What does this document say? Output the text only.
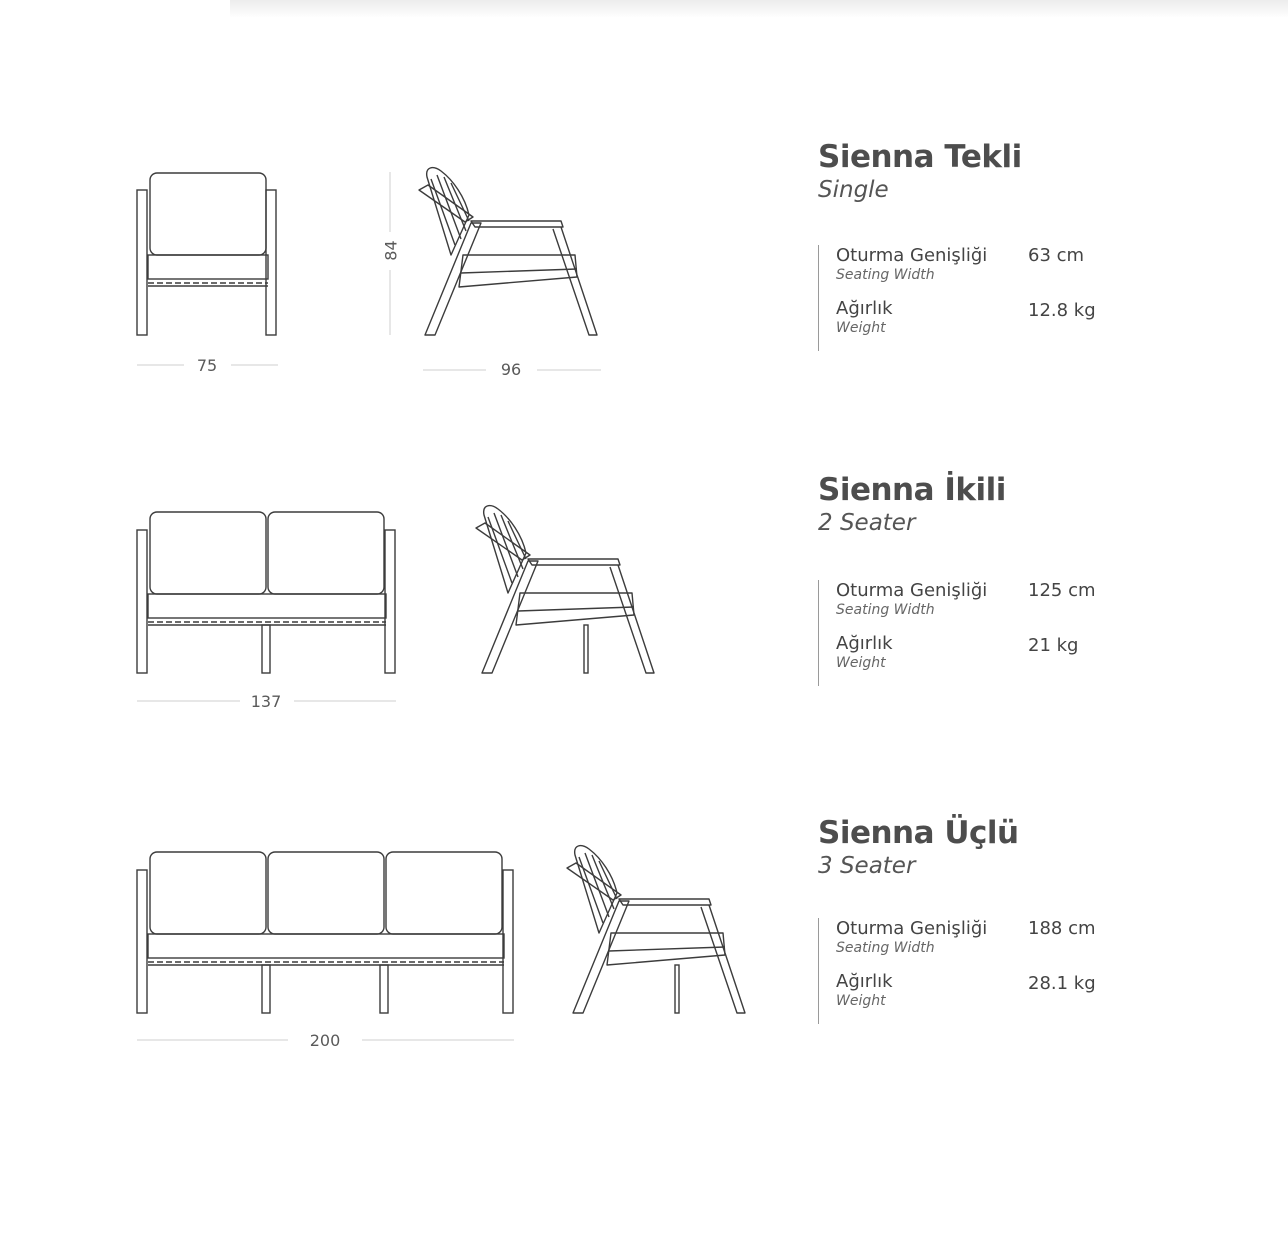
75	96
84
137
200
Sienna Tekli

Single

Oturma Genişliği
Seating Width
63 cm
Ağırlık
Weight
12.8 kg
Sienna İkili

2 Seater

Oturma Genişliği
Seating Width
125 cm
Ağırlık
Weight
21 kg
Sienna Üçlü

3 Seater

Oturma Genişliği
Seating Width
188 cm
Ağırlık
Weight
28.1 kg
